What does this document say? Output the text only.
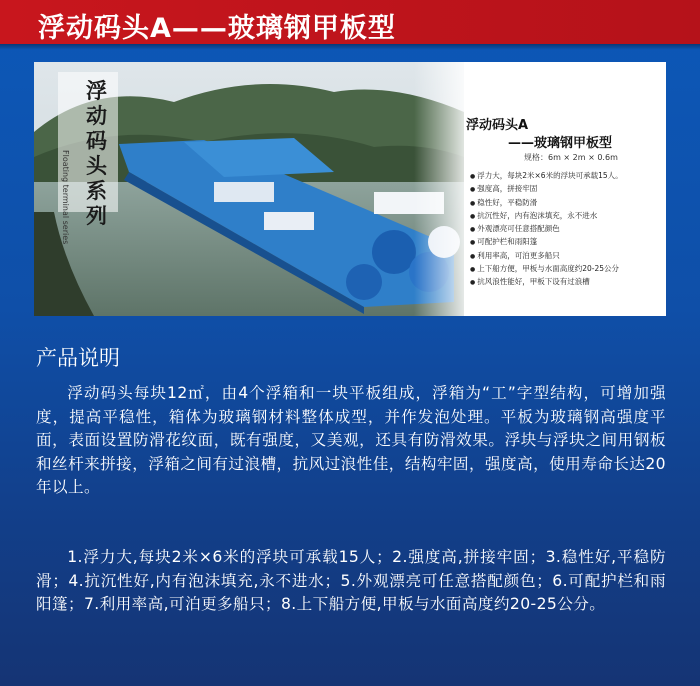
浮动码头A——玻璃钢甲板型
浮动码头系列
Floating terminal series
浮动码头A
——玻璃钢甲板型
规格：6m × 2m × 0.6m
● 浮力大，每块2米×6米的浮块可承载15人。
● 强度高，拼接牢固
● 稳性好，平稳防滑
● 抗沉性好，内有泡沫填充，永不进水
● 外观漂亮可任意搭配颜色
● 可配护栏和雨阳篷
● 利用率高，可泊更多船只
● 上下船方便，甲板与水面高度约20-25公分
● 抗风浪性能好，甲板下设有过浪槽
产品说明

浮动码头每块12㎡，由4个浮箱和一块平板组成，浮箱为“工”字型结构，可增加强度，提高平稳性，箱体为玻璃钢材料整体成型，并作发泡处理。平板为玻璃钢高强度平面，表面设置防滑花纹面，既有强度，又美观，还具有防滑效果。浮块与浮块之间用钢板和丝杆来拼接，浮箱之间有过浪槽，抗风过浪性佳，结构牢固，强度高，使用寿命长达20年以上。

1.浮力大,每块2米×6米的浮块可承载15人；2.强度高,拼接牢固；3.稳性好,平稳防滑；4.抗沉性好,内有泡沫填充,永不进水；5.外观漂亮可任意搭配颜色；6.可配护栏和雨阳篷；7.利用率高,可泊更多船只；8.上下船方便,甲板与水面高度约20-25公分。
